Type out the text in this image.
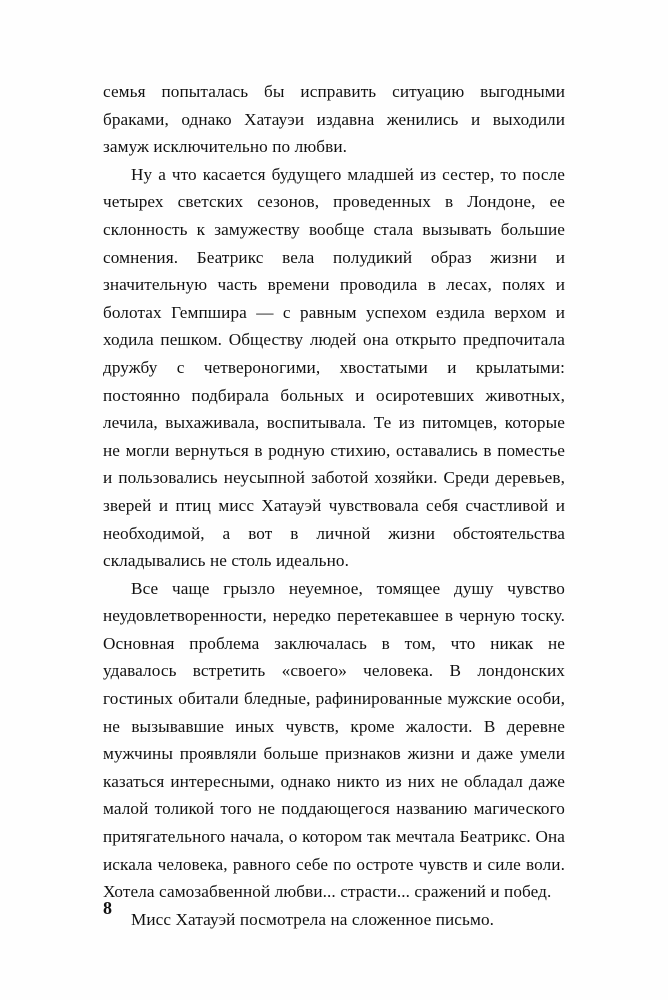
семья попыталась бы исправить ситуацию выгодными браками, однако Хатауэи издавна женились и выходили замуж исключительно по любви.

Ну а что касается будущего младшей из сестер, то после четырех светских сезонов, проведенных в Лондоне, ее склонность к замужеству вообще стала вызывать большие сомнения. Беатрикс вела полудикий образ жизни и значительную часть времени проводила в лесах, полях и болотах Гемпшира — с равным успехом ездила верхом и ходила пешком. Обществу людей она открыто предпочитала дружбу с четвероногими, хвостатыми и крылатыми: постоянно подбирала больных и осиротевших животных, лечила, выхаживала, воспитывала. Те из питомцев, которые не могли вернуться в родную стихию, оставались в поместье и пользовались неусыпной заботой хозяйки. Среди деревьев, зверей и птиц мисс Хатауэй чувствовала себя счастливой и необходимой, а вот в личной жизни обстоятельства складывались не столь идеально.

Все чаще грызло неуемное, томящее душу чувство неудовлетворенности, нередко перетекавшее в черную тоску. Основная проблема заключалась в том, что никак не удавалось встретить «своего» человека. В лондонских гостиных обитали бледные, рафинированные мужские особи, не вызывавшие иных чувств, кроме жалости. В деревне мужчины проявляли больше признаков жизни и даже умели казаться интересными, однако никто из них не обладал даже малой толикой того не поддающегося названию магического притягательного начала, о котором так мечтала Беатрикс. Она искала человека, равного себе по остроте чувств и силе воли. Хотела самозабвенной любви... страсти... сражений и побед.

Мисс Хатауэй посмотрела на сложенное письмо.

8
